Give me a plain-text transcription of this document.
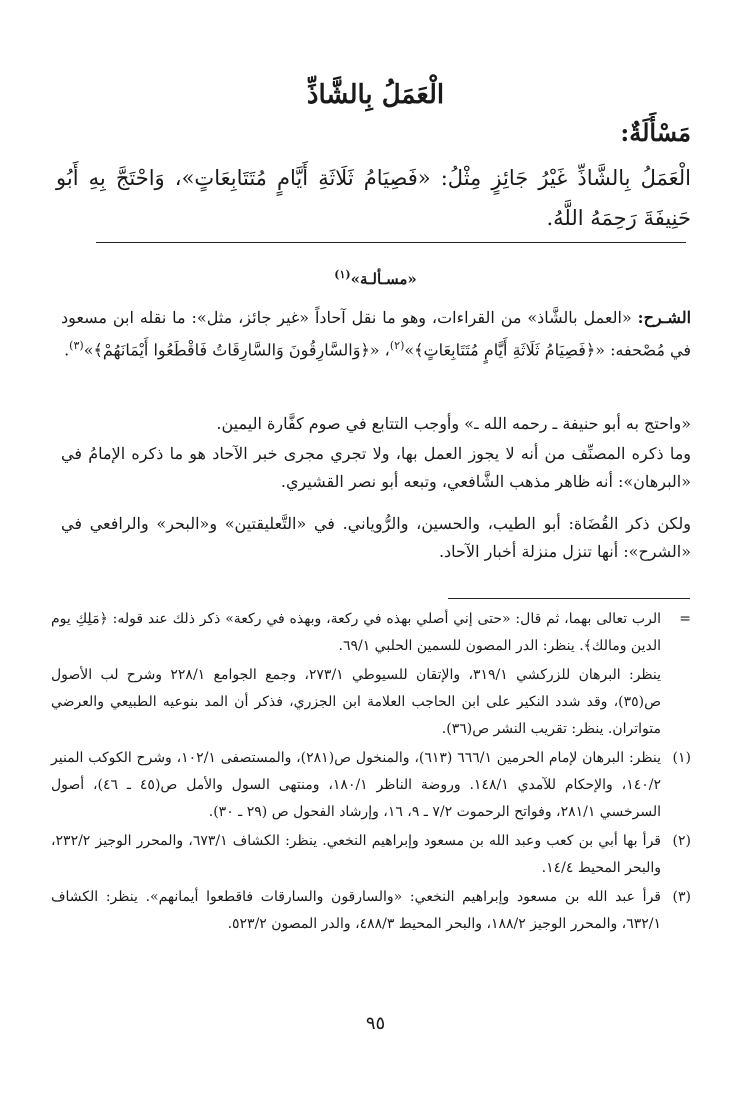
الْعَمَلُ بِالشَّاذِّ
مَسْأَلَةٌ:
الْعَمَلُ بِالشَّاذِّ غَيْرُ جَائِزٍ مِثْلُ: «فَصِيَامُ ثَلَاثَةِ أَيَّامٍ مُتَتَابِعَاتٍ»، وَاحْتَجَّ بِهِ أَبُو حَنِيفَةَ رَحِمَهُ اللَّهُ.
«مسـألـة»$^{(١)}$
الشـرح: «العمل بالشَّاذ» من القراءات، وهو ما نقل آحاداً «غير جائز، مثل»: ما نقله ابن مسعود في مُصْحفه: «﴿فَصِيَامُ ثَلَاثَةِ أَيَّامٍ مُتَتَابِعَاتٍ﴾»$^{(٢)}$، «﴿وَالسَّارِقُونَ وَالسَّارِقَاتُ فَاقْطَعُوا أَيْمَانَهُمْ﴾»$^{(٣)}$.
«واحتج به أبو حنيفة ـ رحمه الله ـ» وأوجب التتابع في صوم كفَّارة اليمين.
وما ذكره المصنِّف من أنه لا يجوز العمل بها، ولا تجري مجرى خبر الآحاد هو ما ذكره الإمامُ في «البرهان»: أنه ظاهر مذهب الشَّافعي، وتبعه أبو نصر القشيري.
ولكن ذكر القُضَاة: أبو الطيب، والحسين، والرُّوياني. في «التَّعليقتين» و«البحر» والرافعي في «الشرح»: أنها تنزل منزلة أخبار الآحاد.
=
الرب تعالى بهما، ثم قال: «حتى إني أصلي بهذه في ركعة، وبهذه في ركعة» ذكر ذلك عند قوله: ﴿مَلِكِ يوم الدين ومالك﴾. ينظر: الدر المصون للسمين الحلبي ٦٩/١.
ينظر: البرهان للزركشي ٣١٩/١، والإتقان للسيوطي ٢٧٣/١، وجمع الجوامع ٢٢٨/١ وشرح لب الأصول ص(٣٥)، وقد شدد النكير على ابن الحاجب العلامة ابن الجزري، فذكر أن المد بنوعيه الطبيعي والعرضي متواتران. ينظر: تقريب النشر ص(٣٦).
(١)
ينظر: البرهان لإمام الحرمين ٦٦٦/١ (٦١٣)، والمنخول ص(٢٨١)، والمستصفى ١٠٢/١، وشرح الكوكب المنير ١٤٠/٢، والإحكام للآمدي ١٤٨/١. وروضة الناظر ١٨٠/١، ومنتهى السول والأمل ص(٤٥ ـ ٤٦)، أصول السرخسي ٢٨١/١، وفواتح الرحموت ٧/٢ ـ ٩، ١٦، وإرشاد الفحول ص (٢٩ ـ ٣٠).
(٢)
قرأ بها أبي بن كعب وعبد الله بن مسعود وإبراهيم النخعي. ينظر: الكشاف ٦٧٣/١، والمحرر الوجيز ٢٣٢/٢، والبحر المحيط ١٤/٤.
(٣)
قرأ عبد الله بن مسعود وإبراهيم النخعي: «والسارقون والسارقات فاقطعوا أيمانهم». ينظر: الكشاف ٦٣٢/١، والمحرر الوجيز ١٨٨/٢، والبحر المحيط ٤٨٨/٣، والدر المصون ٥٢٣/٢.
٩٥
